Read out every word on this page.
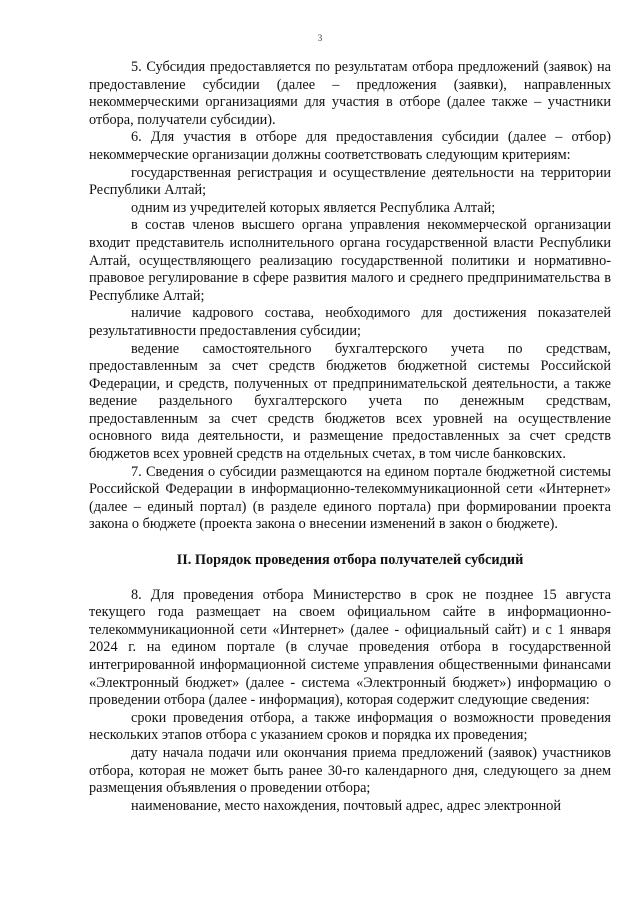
3

5. Субсидия предоставляется по результатам отбора предложений (заявок) на предоставление субсидии (далее – предложения (заявки), направленных некоммерческими организациями для участия в отборе (далее также – участники отбора, получатели субсидии).

6. Для участия в отборе для предоставления субсидии (далее – отбор) некоммерческие организации должны соответствовать следующим критериям:

государственная регистрация и осуществление деятельности на территории Республики Алтай;

одним из учредителей которых является Республика Алтай;

в состав членов высшего органа управления некоммерческой организации входит представитель исполнительного органа государственной власти Республики Алтай, осуществляющего реализацию государственной политики и нормативно-правовое регулирование в сфере развития малого и среднего предпринимательства в Республике Алтай;

наличие кадрового состава, необходимого для достижения показателей результативности предоставления субсидии;

ведение самостоятельного бухгалтерского учета по средствам, предоставленным за счет средств бюджетов бюджетной системы Российской Федерации, и средств, полученных от предпринимательской деятельности, а также ведение раздельного бухгалтерского учета по денежным средствам, предоставленным за счет средств бюджетов всех уровней на осуществление основного вида деятельности, и размещение предоставленных за счет средств бюджетов всех уровней средств на отдельных счетах, в том числе банковских.

7. Сведения о субсидии размещаются на едином портале бюджетной системы Российской Федерации в информационно-телекоммуникационной сети «Интернет» (далее – единый портал) (в разделе единого портала) при формировании проекта закона о бюджете (проекта закона о внесении изменений в закон о бюджете).

II. Порядок проведения отбора получателей субсидий

8. Для проведения отбора Министерство в срок не позднее 15 августа текущего года размещает на своем официальном сайте в информационно-телекоммуникационной сети «Интернет» (далее - официальный сайт) и с 1 января 2024 г. на едином портале (в случае проведения отбора в государственной интегрированной информационной системе управления общественными финансами «Электронный бюджет» (далее - система «Электронный бюджет») информацию о проведении отбора (далее - информация), которая содержит следующие сведения:

сроки проведения отбора, а также информация о возможности проведения нескольких этапов отбора с указанием сроков и порядка их проведения;

дату начала подачи или окончания приема предложений (заявок) участников отбора, которая не может быть ранее 30-го календарного дня, следующего за днем размещения объявления о проведении отбора;

наименование, место нахождения, почтовый адрес, адрес электронной
